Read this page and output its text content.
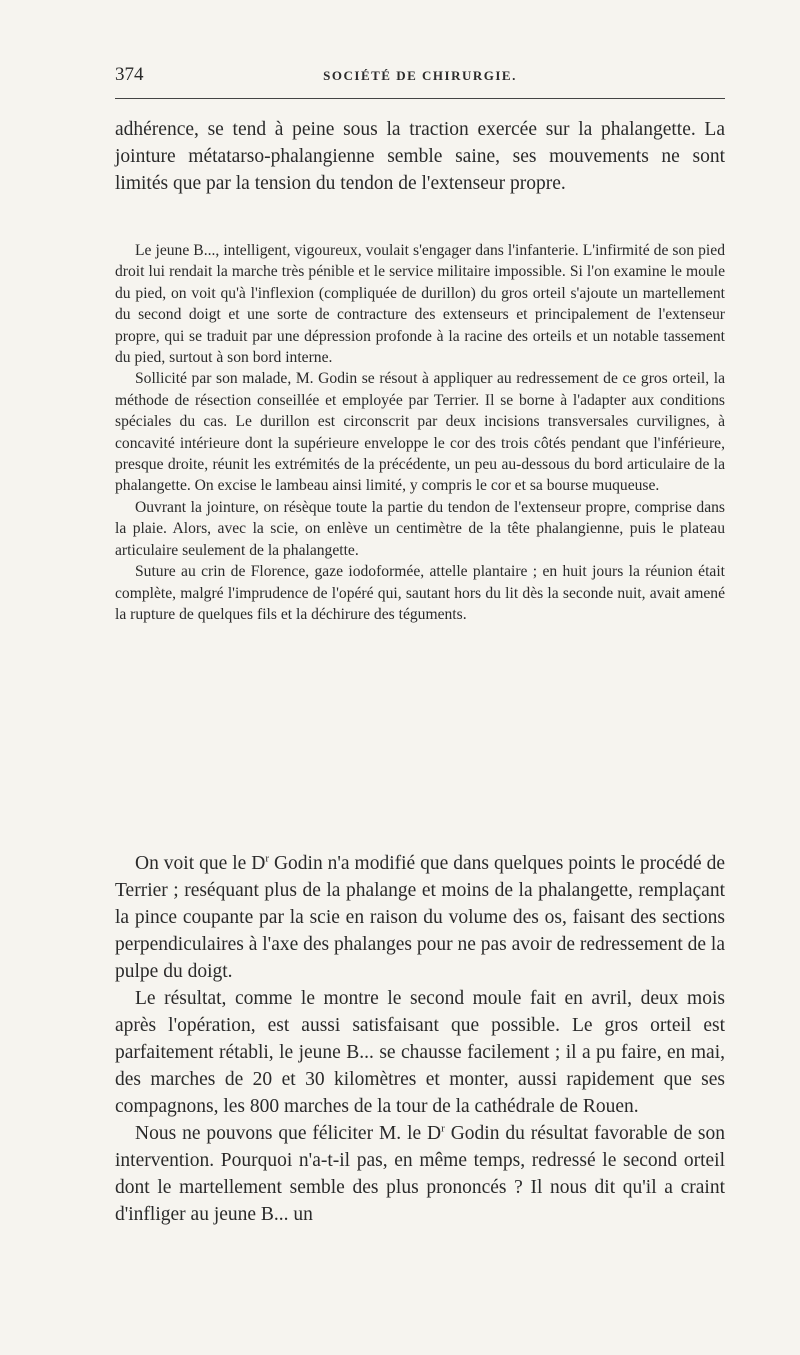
374	SOCIÉTÉ DE CHIRURGIE.

adhérence, se tend à peine sous la traction exercée sur la phalangette. La jointure métatarso-phalangienne semble saine, ses mouvements ne sont limités que par la tension du tendon de l'extenseur propre.

Le jeune B..., intelligent, vigoureux, voulait s'engager dans l'infanterie. L'infirmité de son pied droit lui rendait la marche très pénible et le service militaire impossible. Si l'on examine le moule du pied, on voit qu'à l'inflexion (compliquée de durillon) du gros orteil s'ajoute un martellement du second doigt et une sorte de contracture des extenseurs et principalement de l'extenseur propre, qui se traduit par une dépression profonde à la racine des orteils et un notable tassement du pied, surtout à son bord interne.

Sollicité par son malade, M. Godin se résout à appliquer au redressement de ce gros orteil, la méthode de résection conseillée et employée par Terrier. Il se borne à l'adapter aux conditions spéciales du cas. Le durillon est circonscrit par deux incisions transversales curvilignes, à concavité intérieure dont la supérieure enveloppe le cor des trois côtés pendant que l'inférieure, presque droite, réunit les extrémités de la précédente, un peu au-dessous du bord articulaire de la phalangette. On excise le lambeau ainsi limité, y compris le cor et sa bourse muqueuse.

Ouvrant la jointure, on résèque toute la partie du tendon de l'extenseur propre, comprise dans la plaie. Alors, avec la scie, on enlève un centimètre de la tête phalangienne, puis le plateau articulaire seulement de la phalangette.

Suture au crin de Florence, gaze iodoformée, attelle plantaire ; en huit jours la réunion était complète, malgré l'imprudence de l'opéré qui, sautant hors du lit dès la seconde nuit, avait amené la rupture de quelques fils et la déchirure des téguments.

On voit que le $D^r$ Godin n'a modifié que dans quelques points le procédé de Terrier ; reséquant plus de la phalange et moins de la phalangette, remplaçant la pince coupante par la scie en raison du volume des os, faisant des sections perpendiculaires à l'axe des phalanges pour ne pas avoir de redressement de la pulpe du doigt.

Le résultat, comme le montre le second moule fait en avril, deux mois après l'opération, est aussi satisfaisant que possible. Le gros orteil est parfaitement rétabli, le jeune B... se chausse facilement ; il a pu faire, en mai, des marches de 20 et 30 kilomètres et monter, aussi rapidement que ses compagnons, les 800 marches de la tour de la cathédrale de Rouen.

Nous ne pouvons que féliciter M. le $D^r$ Godin du résultat favorable de son intervention. Pourquoi n'a-t-il pas, en même temps, redressé le second orteil dont le martellement semble des plus prononcés ? Il nous dit qu'il a craint d'infliger au jeune B... un
